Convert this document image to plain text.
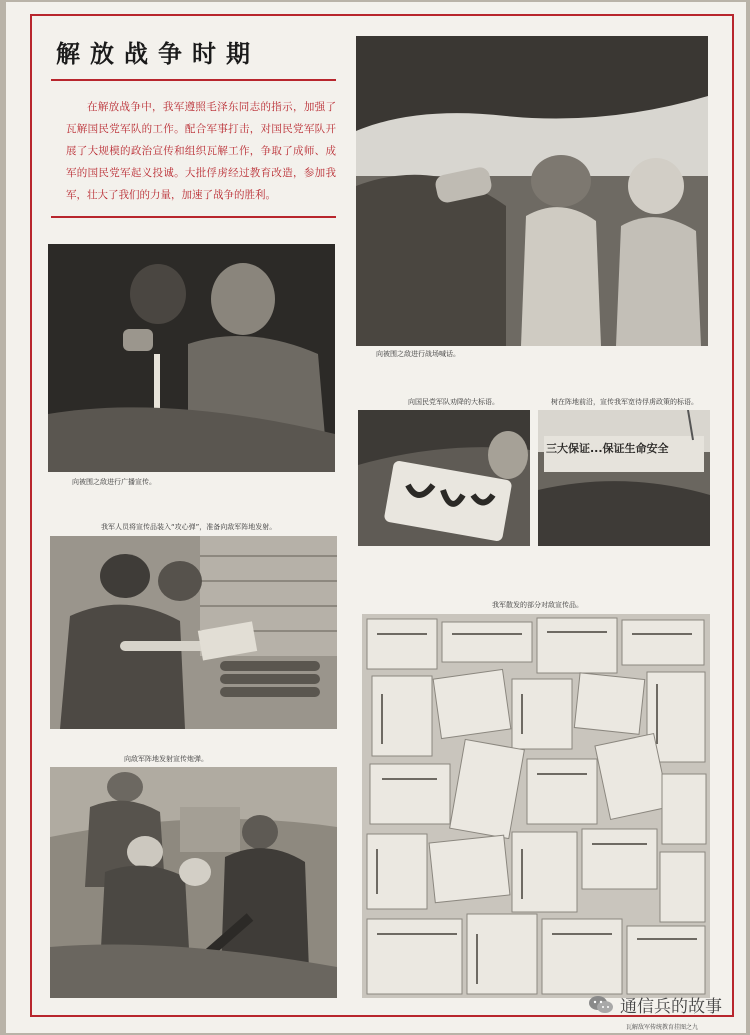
解放战争时期

在解放战争中，我军遵照毛泽东同志的指示，加强了瓦解国民党军队的工作。配合军事打击，对国民党军队开展了大规模的政治宣传和组织瓦解工作，争取了成师、成军的国民党军起义投诚。大批俘虏经过教育改造，参加我军，壮大了我们的力量，加速了战争的胜利。

向被围之敌进行战场喊话。
向被围之敌进行广播宣传。
向国民党军队劝降的大标语。	树在阵地前沿，宣传我军宽待俘虏政策的标语。
三大保证...保证生命安全
我军人员将宣传品装入“攻心弹”，准备向敌军阵地发射。
我军散发的部分对敌宣传品。
向敌军阵地发射宣传炮弹。
瓦解敌军传统教育挂图之九
通信兵的故事
